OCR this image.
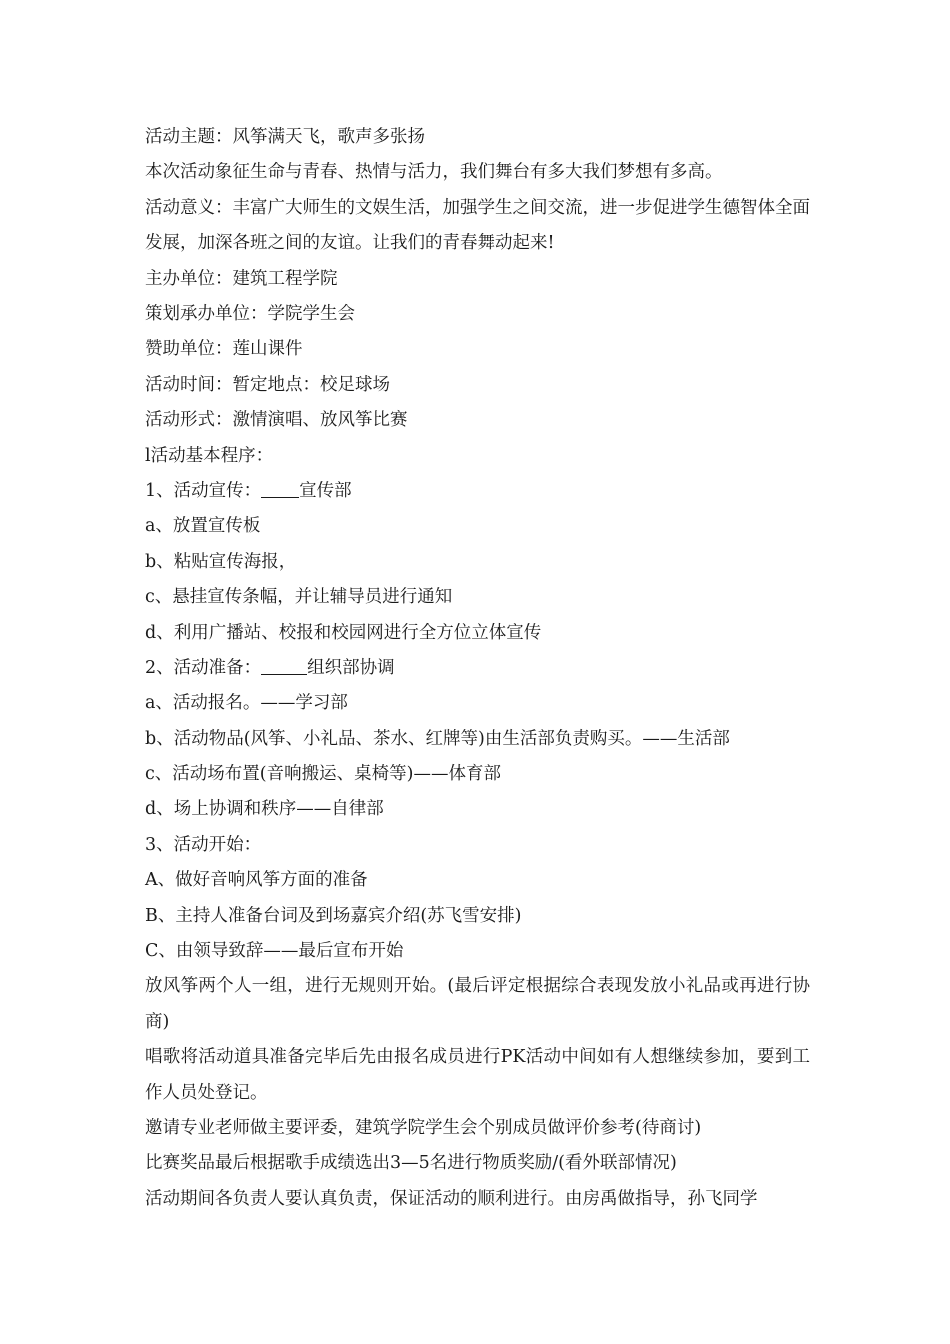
活动主题：风筝满天飞，歌声多张扬

本次活动象征生命与青春、热情与活力，我们舞台有多大我们梦想有多高。

活动意义：丰富广大师生的文娱生活，加强学生之间交流，进一步促进学生德智体全面发展，加深各班之间的友谊。让我们的青春舞动起来!

主办单位：建筑工程学院

策划承办单位：学院学生会

赞助单位：莲山课件

活动时间：暂定地点：校足球场

活动形式：激情演唱、放风筝比赛

l活动基本程序：

1、活动宣传： 宣传部

a、放置宣传板

b、粘贴宣传海报，

c、悬挂宣传条幅，并让辅导员进行通知

d、利用广播站、校报和校园网进行全方位立体宣传

2、活动准备：	组织部协调

a、活动报名。——学习部

b、活动物品(风筝、小礼品、茶水、红牌等)由生活部负责购买。——生活部

c、活动场布置(音响搬运、桌椅等)——体育部

d、场上协调和秩序——自律部

3、活动开始：

A、做好音响风筝方面的准备

B、主持人准备台词及到场嘉宾介绍(苏飞雪安排)

C、由领导致辞——最后宣布开始

放风筝两个人一组，进行无规则开始。(最后评定根据综合表现发放小礼品或再进行协商)

唱歌将活动道具准备完毕后先由报名成员进行PK活动中间如有人想继续参加，要到工作人员处登记。

邀请专业老师做主要评委，建筑学院学生会个别成员做评价参考(待商讨)

比赛奖品最后根据歌手成绩选出3—5名进行物质奖励/(看外联部情况)

活动期间各负责人要认真负责，保证活动的顺利进行。由房禹做指导，孙飞同学
